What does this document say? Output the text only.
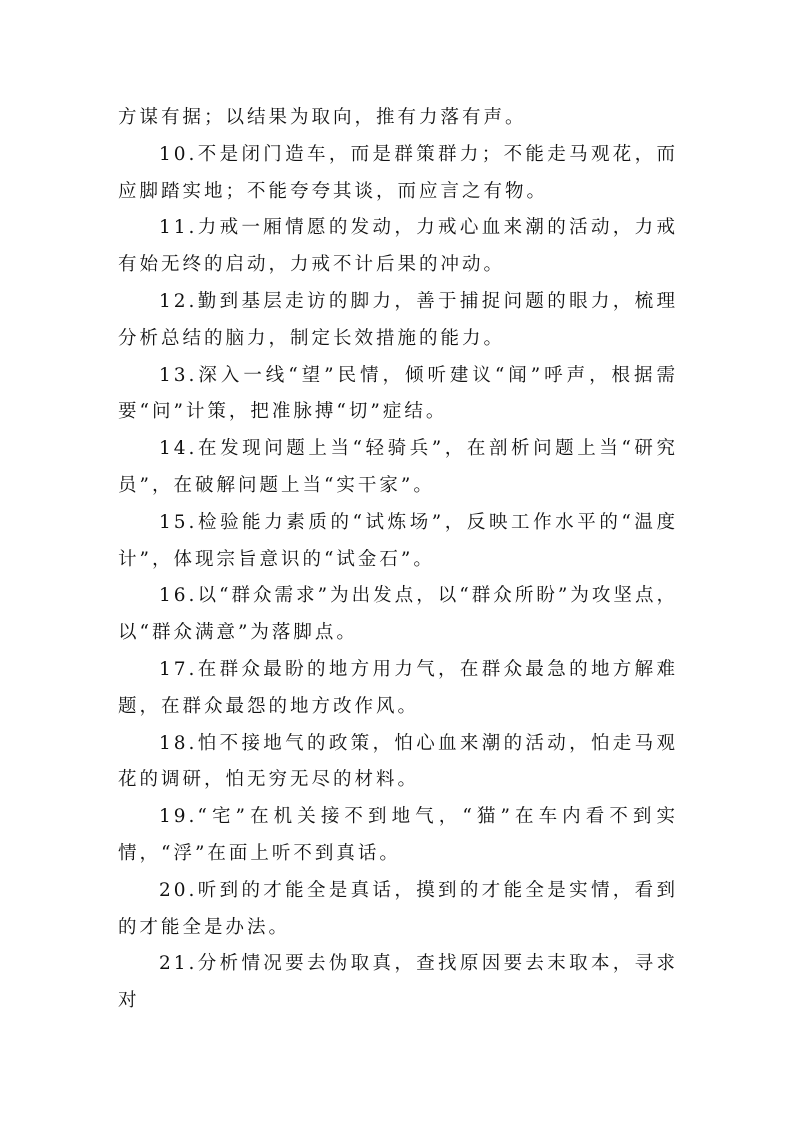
方谋有据；以结果为取向，推有力落有声。

10.不是闭门造车，而是群策群力；不能走马观花，而应脚踏实地；不能夸夸其谈，而应言之有物。

11.力戒一厢情愿的发动，力戒心血来潮的活动，力戒有始无终的启动，力戒不计后果的冲动。

12.勤到基层走访的脚力，善于捕捉问题的眼力，梳理分析总结的脑力，制定长效措施的能力。

13.深入一线“望”民情，倾听建议“闻”呼声，根据需要“问”计策，把准脉搏“切”症结。

14.在发现问题上当“轻骑兵”，在剖析问题上当“研究员”，在破解问题上当“实干家”。

15.检验能力素质的“试炼场”，反映工作水平的“温度计”，体现宗旨意识的“试金石”。

16.以“群众需求”为出发点，以“群众所盼”为攻坚点，以“群众满意”为落脚点。

17.在群众最盼的地方用力气，在群众最急的地方解难题，在群众最怨的地方改作风。

18.怕不接地气的政策，怕心血来潮的活动，怕走马观花的调研，怕无穷无尽的材料。

19.“宅”在机关接不到地气，“猫”在车内看不到实情，“浮”在面上听不到真话。

20.听到的才能全是真话，摸到的才能全是实情，看到的才能全是办法。

21.分析情况要去伪取真，查找原因要去末取本，寻求对
